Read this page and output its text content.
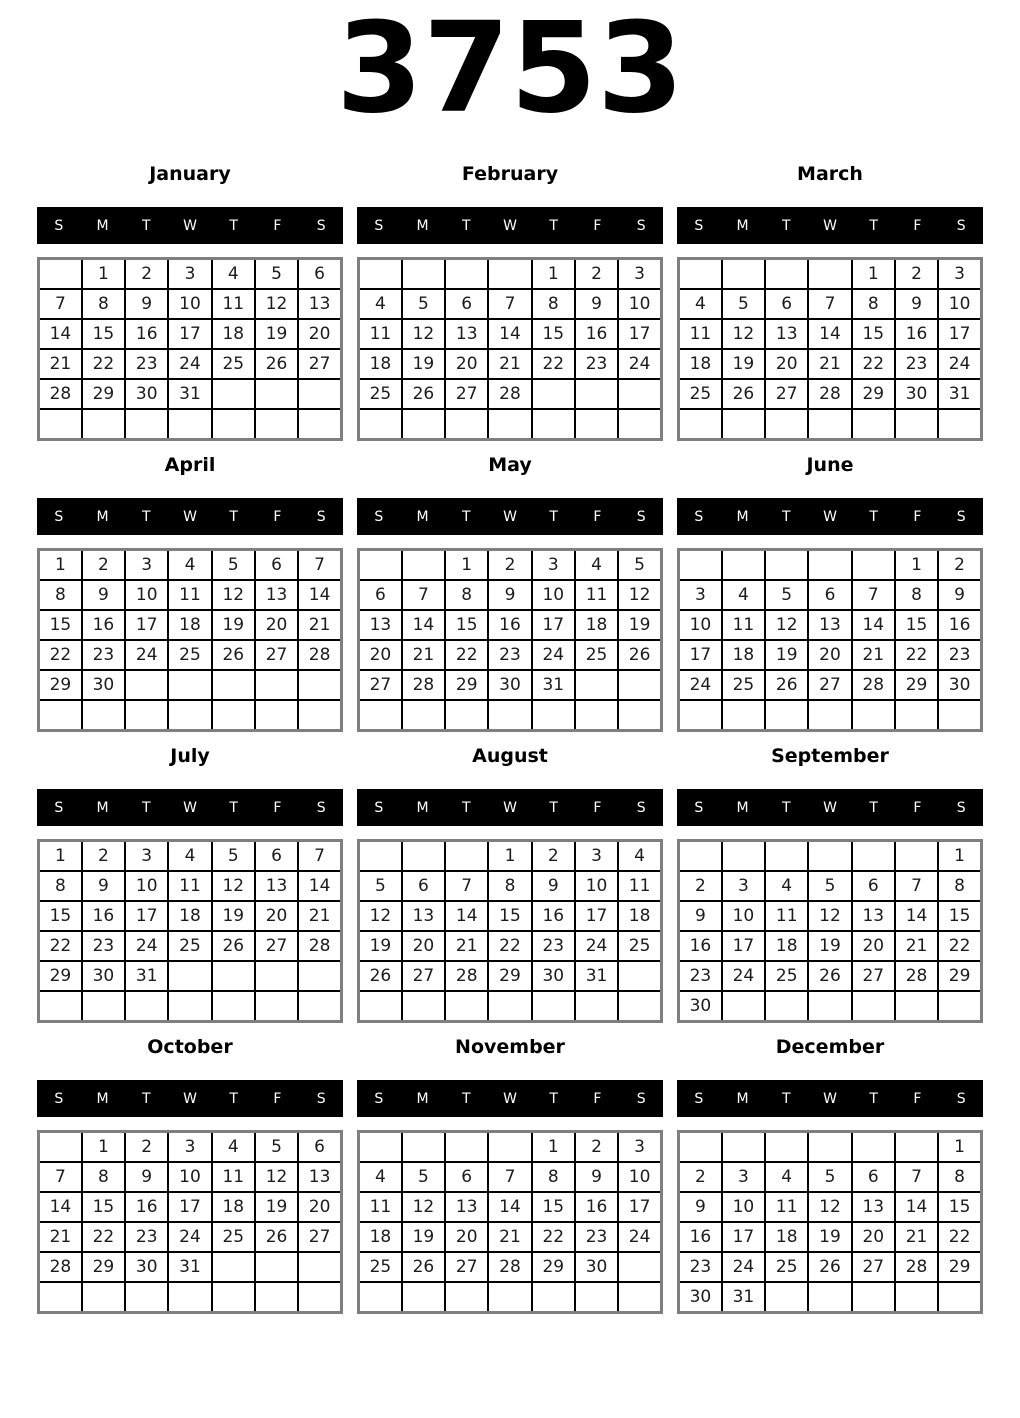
3753
January
S	M	T	W	T	F	S
	1	2	3	4	5	6
7	8	9	10	11	12	13
14	15	16	17	18	19	20
21	22	23	24	25	26	27
28	29	30	31			

February
S	M	T	W	T	F	S
				1	2	3
4	5	6	7	8	9	10
11	12	13	14	15	16	17
18	19	20	21	22	23	24
25	26	27	28			

March
S	M	T	W	T	F	S
				1	2	3
4	5	6	7	8	9	10
11	12	13	14	15	16	17
18	19	20	21	22	23	24
25	26	27	28	29	30	31

April
S	M	T	W	T	F	S
1	2	3	4	5	6	7
8	9	10	11	12	13	14
15	16	17	18	19	20	21
22	23	24	25	26	27	28
29	30					

May
S	M	T	W	T	F	S
		1	2	3	4	5
6	7	8	9	10	11	12
13	14	15	16	17	18	19
20	21	22	23	24	25	26
27	28	29	30	31		

June
S	M	T	W	T	F	S
					1	2
3	4	5	6	7	8	9
10	11	12	13	14	15	16
17	18	19	20	21	22	23
24	25	26	27	28	29	30

July
S	M	T	W	T	F	S
1	2	3	4	5	6	7
8	9	10	11	12	13	14
15	16	17	18	19	20	21
22	23	24	25	26	27	28
29	30	31				

August
S	M	T	W	T	F	S
			1	2	3	4
5	6	7	8	9	10	11
12	13	14	15	16	17	18
19	20	21	22	23	24	25
26	27	28	29	30	31	

September
S	M	T	W	T	F	S
						1
2	3	4	5	6	7	8
9	10	11	12	13	14	15
16	17	18	19	20	21	22
23	24	25	26	27	28	29
30						
October
S	M	T	W	T	F	S
	1	2	3	4	5	6
7	8	9	10	11	12	13
14	15	16	17	18	19	20
21	22	23	24	25	26	27
28	29	30	31			

November
S	M	T	W	T	F	S
				1	2	3
4	5	6	7	8	9	10
11	12	13	14	15	16	17
18	19	20	21	22	23	24
25	26	27	28	29	30	

December
S	M	T	W	T	F	S
						1
2	3	4	5	6	7	8
9	10	11	12	13	14	15
16	17	18	19	20	21	22
23	24	25	26	27	28	29
30	31					
